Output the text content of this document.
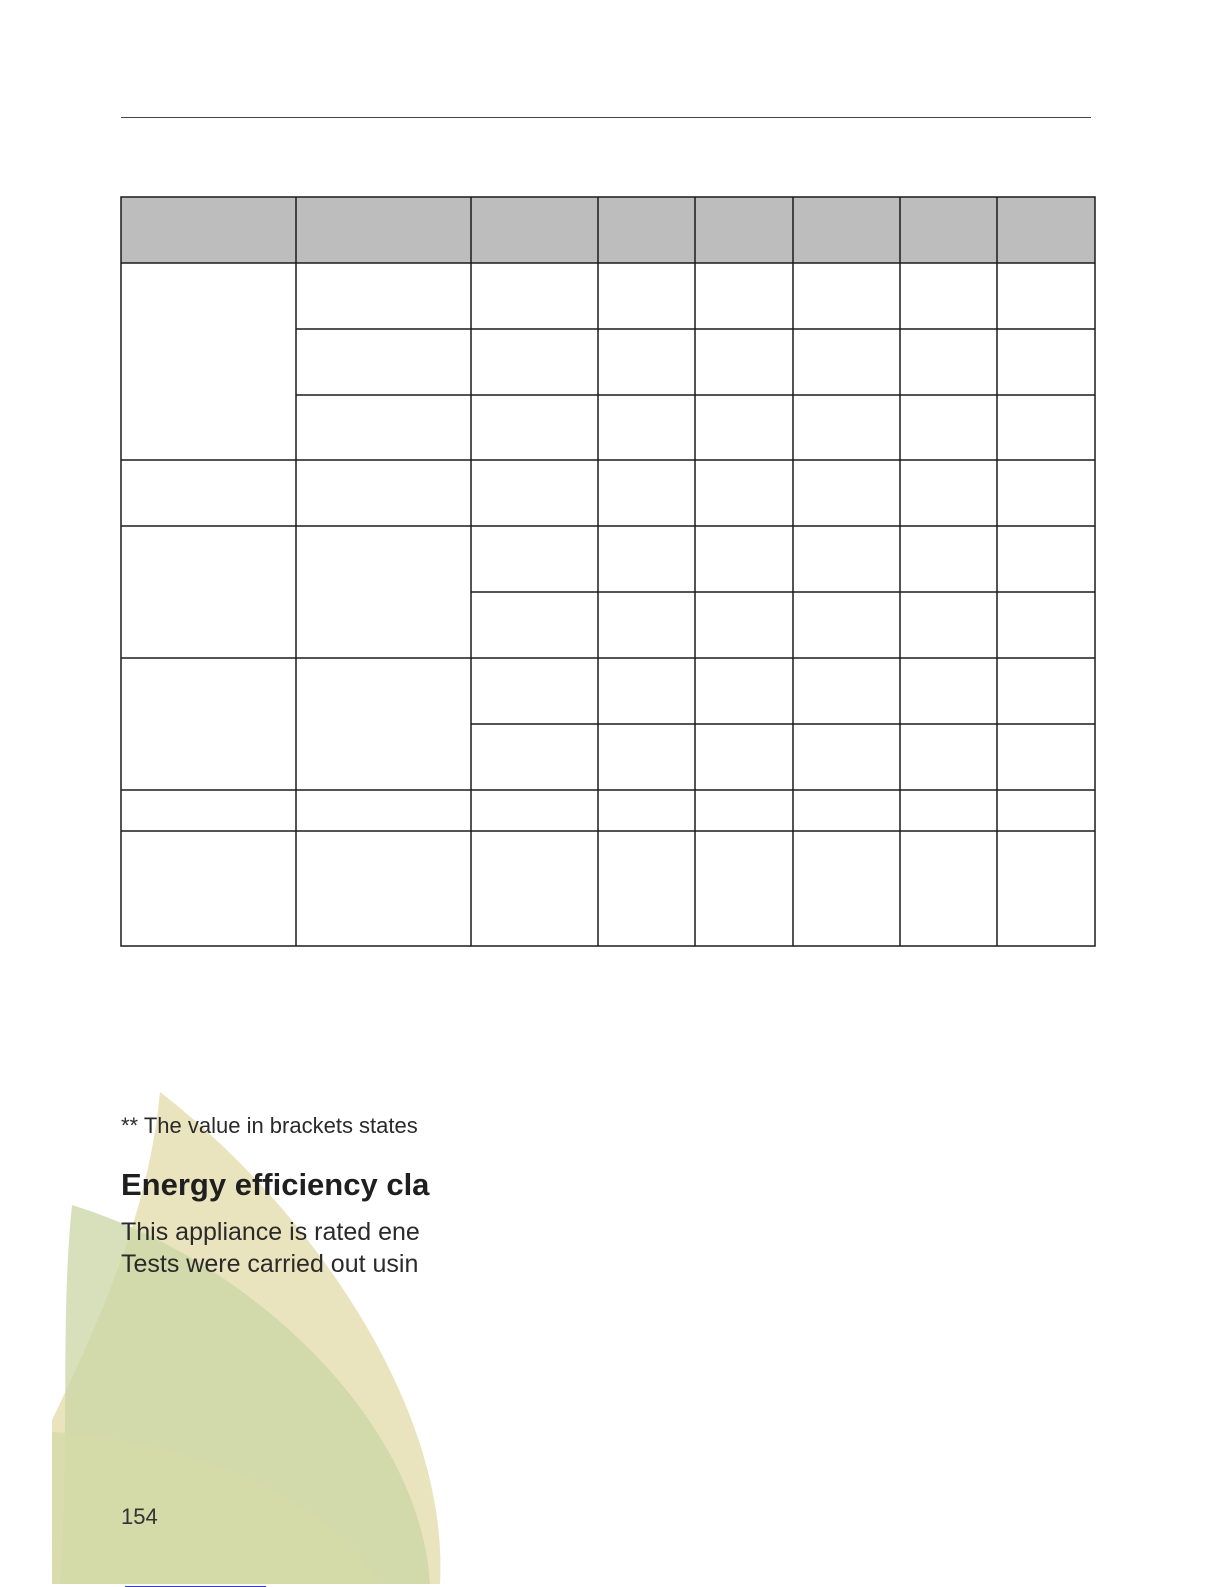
** The value in brackets states
Energy efficiency cla
This appliance is rated ene
Tests were carried out usin
154
